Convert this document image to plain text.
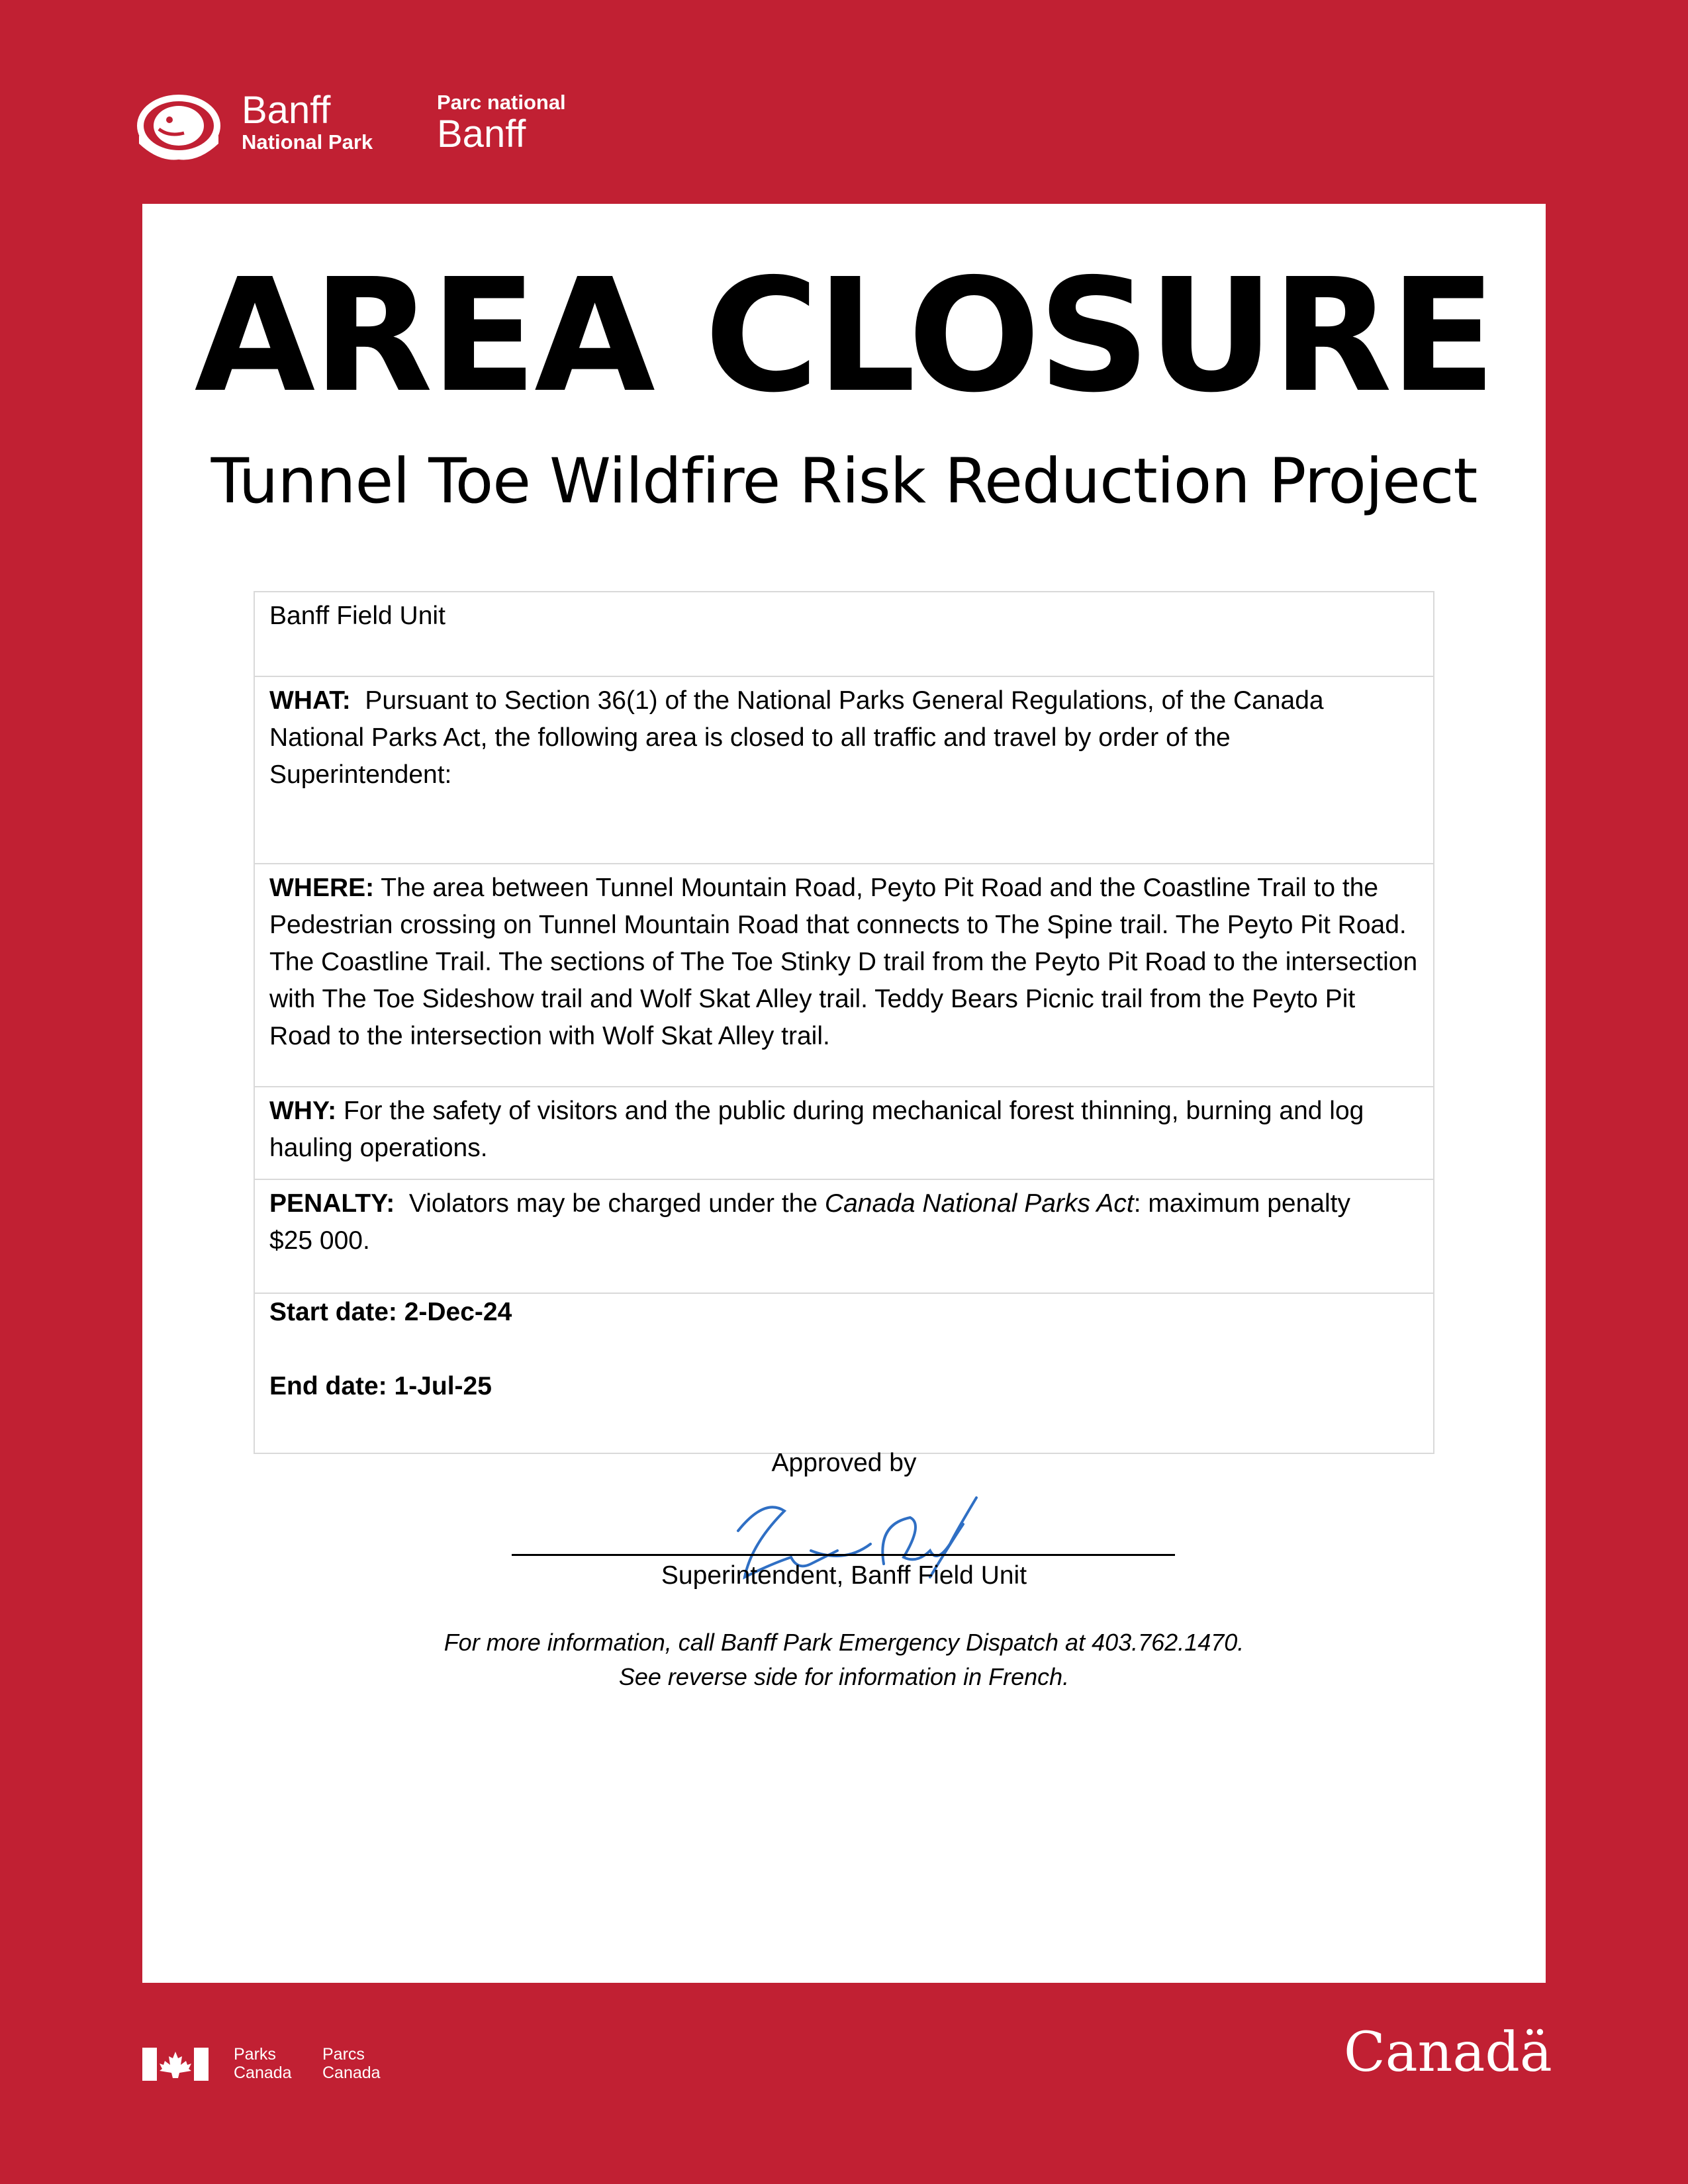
Banff
National Park
Parc national
Banff
AREA CLOSURE
Tunnel Toe Wildfire Risk Reduction Project
Banff Field Unit
WHAT: Pursuant to Section 36(1) of the National Parks General Regulations, of the Canada National Parks Act, the following area is closed to all traffic and travel by order of the Superintendent:
WHERE: The area between Tunnel Mountain Road, Peyto Pit Road and the Coastline Trail to the Pedestrian crossing on Tunnel Mountain Road that connects to The Spine trail. The Peyto Pit Road. The Coastline Trail. The sections of The Toe Stinky D trail from the Peyto Pit Road to the intersection with The Toe Sideshow trail and Wolf Skat Alley trail. Teddy Bears Picnic trail from the Peyto Pit Road to the intersection with Wolf Skat Alley trail.
WHY: For the safety of visitors and the public during mechanical forest thinning, burning and log hauling operations.
PENALTY: Violators may be charged under the Canada National Parks Act: maximum penalty
$25 000.
Start date: 2-Dec-24
End date: 1-Jul-25
Approved by
Superintendent, Banff Field Unit
For more information, call Banff Park Emergency Dispatch at 403.762.1470.
See reverse side for information in French.
Parks
Canada
Parcs
Canada	Canadä
